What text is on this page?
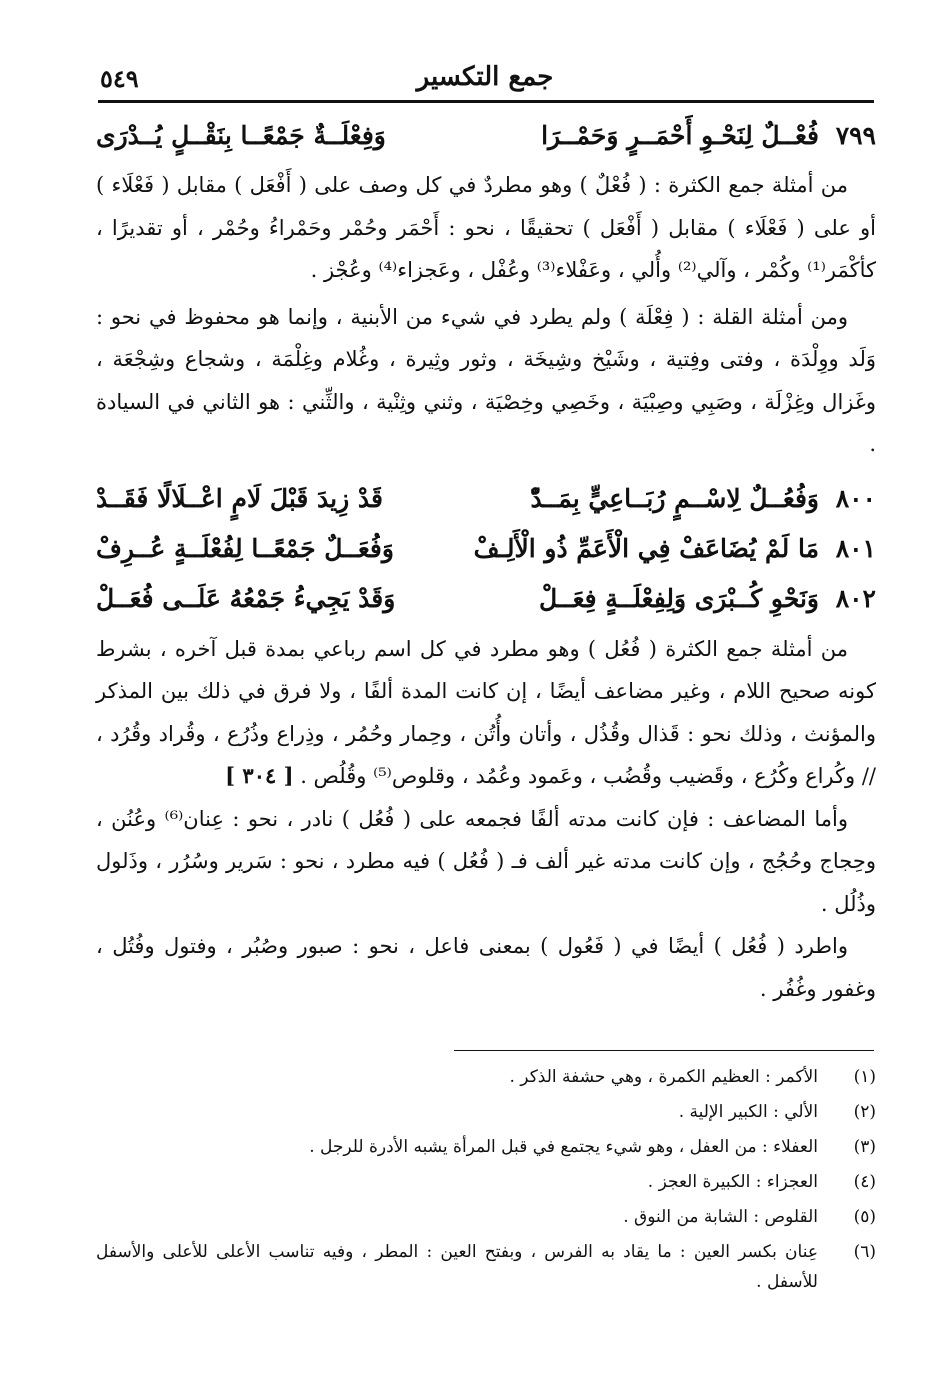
٥٤٩	جمع التكسير
٧٩٩ فُعْــلٌ لِنَحْـوِ أَحْمَــرٍ وَحَمْــرَا
وَفِعْلَــةٌ جَمْعًــا بِنَقْــلٍ يُــدْرَى

من أمثلة جمع الكثرة : ( فُعْلٌ ) وهو مطردٌ في كل وصف على ( أَفْعَل ) مقابل ( فَعْلَاء ) أو على ( فَعْلَاء ) مقابل ( أَفْعَل ) تحقيقًا ، نحو : أَحْمَر وحُمْر وحَمْراءُ وحُمْر ، أو تقديرًا ، كأكْمَر⁽¹⁾ وكُمْر ، وآلي⁽²⁾ وأُلي ، وعَفْلاء⁽³⁾ وعُفْل ، وعَجزاء⁽⁴⁾ وعُجْز .

ومن أمثلة القلة : ( فِعْلَة ) ولم يطرد في شيء من الأبنية ، وإنما هو محفوظ في نحو : وَلَد ووِلْدَة ، وفتى وفِتية ، وشَيْخ وشِيخَة ، وثور وثِيرة ، وغُلام وغِلْمَة ، وشجاع وشِجْعَة ، وغَزال وغِزْلَة ، وصَبِي وصِبْيَة ، وخَصِي وخِصْيَة ، وثني وثِنْية ، والثِّني : هو الثاني في السيادة .

٨٠٠ وَفُعُــلٌ لِاسْــمٍ رُبَــاعِيٍّ بِمَــدّْ
قَدْ زِيدَ قَبْلَ لَامٍ اعْــلَالًا فَقَــدْ
٨٠١ مَا لَمْ يُضَاعَفْ فِي الْأَعَمِّ ذُو الْأَلِـفْ
وَفُعَــلٌ جَمْعًــا لِفُعْلَــةٍ عُــرِفْ
٨٠٢ وَنَحْوِ كُــبْرَى وَلِفِعْلَــةٍ فِعَــلْ
وَقَدْ يَجِيءُ جَمْعُهُ عَلَــى فُعَــلْ

من أمثلة جمع الكثرة ( فُعُل ) وهو مطرد في كل اسم رباعي بمدة قبل آخره ، بشرط كونه صحيح اللام ، وغير مضاعف أيضًا ، إن كانت المدة ألفًا ، ولا فرق في ذلك بين المذكر والمؤنث ، وذلك نحو : قَذال وقُذُل ، وأتان وأُتُن ، وحِمار وحُمُر ، وذِراع وذُرُع ، وقُراد وقُرُد ، // وكُراع وكُرُع ، وقَضيب وقُضُب ، وعَمود وعُمُد ، وقلوص⁽⁵⁾ وقُلُص . [ ٣٠٤ ]

وأما المضاعف : فإن كانت مدته ألفًا فجمعه على ( فُعُل ) نادر ، نحو : عِنان⁽⁶⁾ وعُنُن ، وحِجاج وحُجُج ، وإن كانت مدته غير ألف فـ ( فُعُل ) فيه مطرد ، نحو : سَرير وسُرُر ، وذَلول وذُلُل .

واطرد ( فُعُل ) أيضًا في ( فَعُول ) بمعنى فاعل ، نحو : صبور وصُبُر ، وفتول وفُتُل ، وغفور وغُفُر .

(١)
الأكمر : العظيم الكمرة ، وهي حشفة الذكر .
(٢)
الألي : الكبير الإلية .
(٣)
العفلاء : من العفل ، وهو شيء يجتمع في قبل المرأة يشبه الأدرة للرجل .
(٤)
العجزاء : الكبيرة العجز .
(٥)
القلوص : الشابة من النوق .
(٦)
عِنان بكسر العين : ما يقاد به الفرس ، وبفتح العين : المطر ، وفيه تناسب الأعلى للأعلى والأسفل للأسفل .
